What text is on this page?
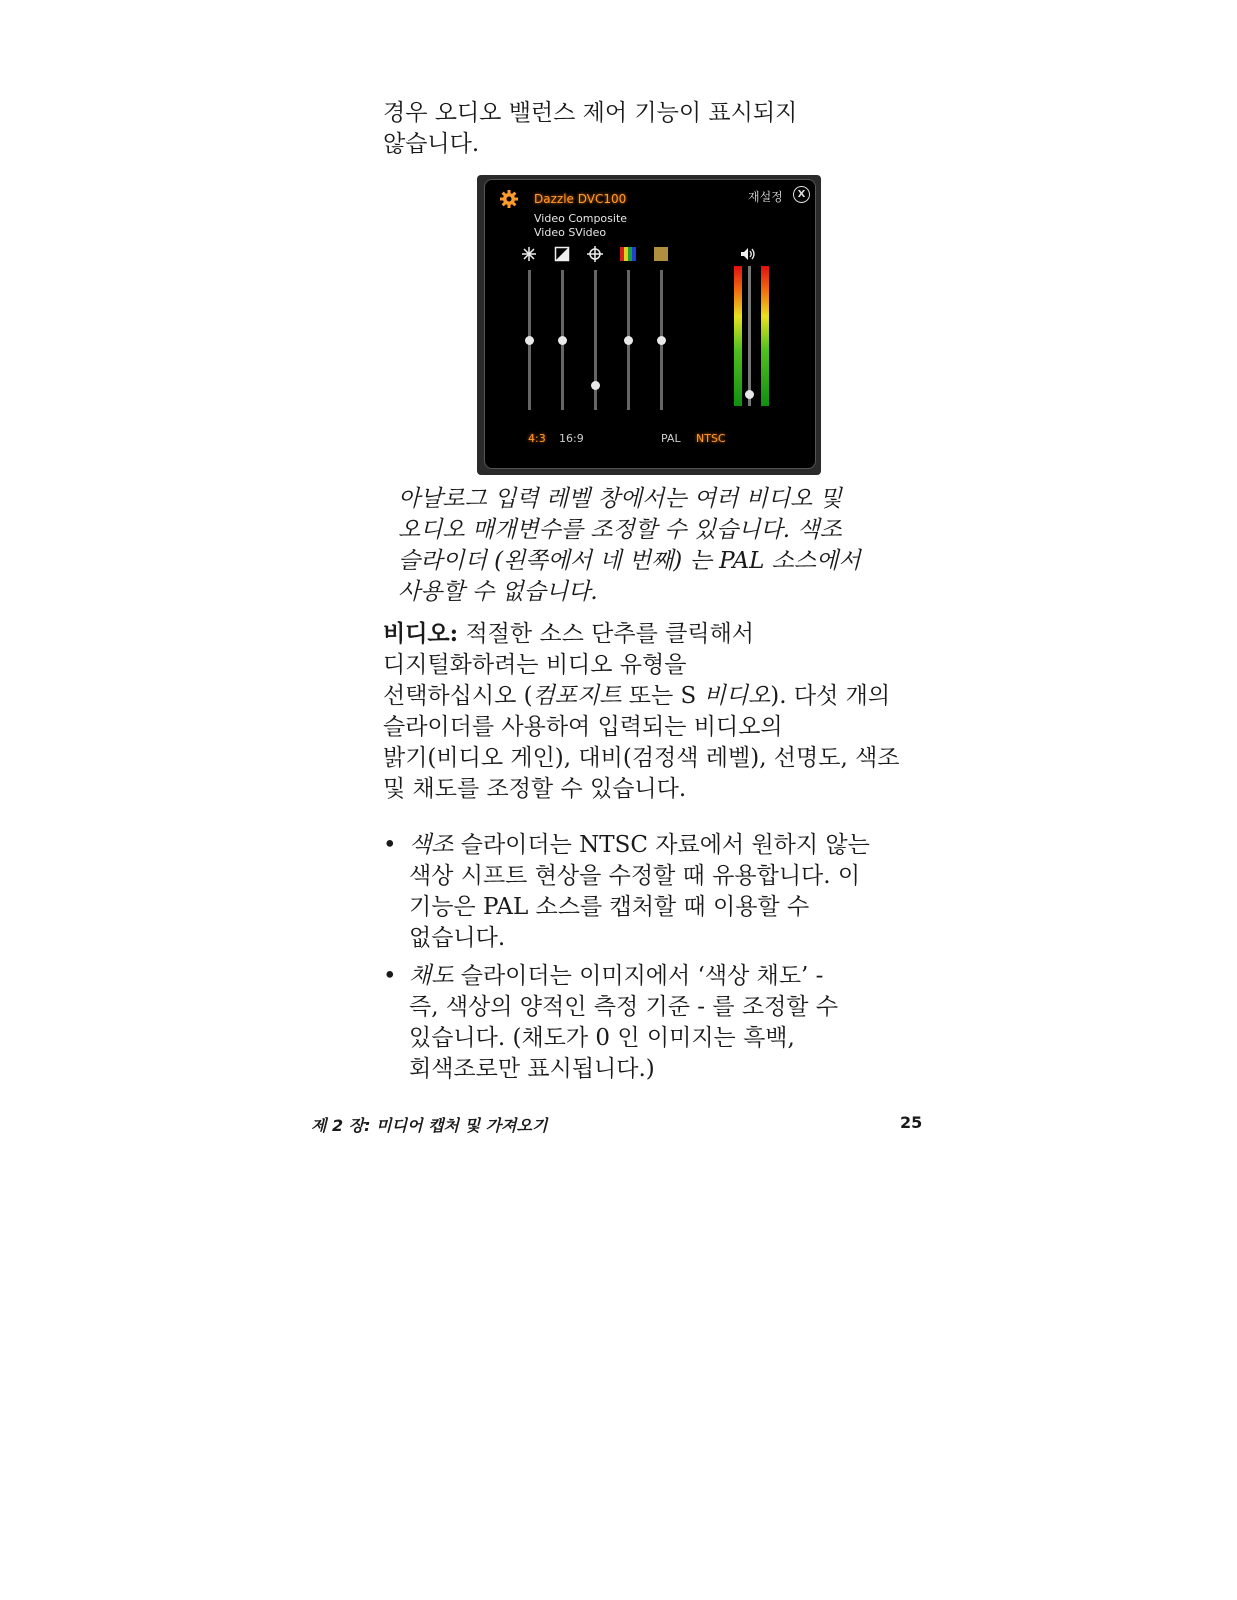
경우 오디오 밸런스 제어 기능이 표시되지
않습니다.
Dazzle DVC100
Video Composite
Video SVideo
재설정	X
4:3 16:9	PAL NTSC
아날로그 입력 레벨 창에서는 여러 비디오 및
오디오 매개변수를 조정할 수 있습니다. 색조
슬라이더 (왼쪽에서 네 번째) 는 PAL 소스에서
사용할 수 없습니다.
비디오: 적절한 소스 단추를 클릭해서
디지털화하려는 비디오 유형을
선택하십시오 (컴포지트 또는 S 비디오). 다섯 개의
슬라이더를 사용하여 입력되는 비디오의
밝기(비디오 게인), 대비(검정색 레벨), 선명도, 색조
및 채도를 조정할 수 있습니다.
• 색조 슬라이더는 NTSC 자료에서 원하지 않는
색상 시프트 현상을 수정할 때 유용합니다. 이
기능은 PAL 소스를 캡처할 때 이용할 수
없습니다.
• 채도 슬라이더는 이미지에서 ‘색상 채도’ -
즉, 색상의 양적인 측정 기준 - 를 조정할 수
있습니다. (채도가 0 인 이미지는 흑백,
회색조로만 표시됩니다.)
제 2 장: 미디어 캡처 및 가져오기	25
